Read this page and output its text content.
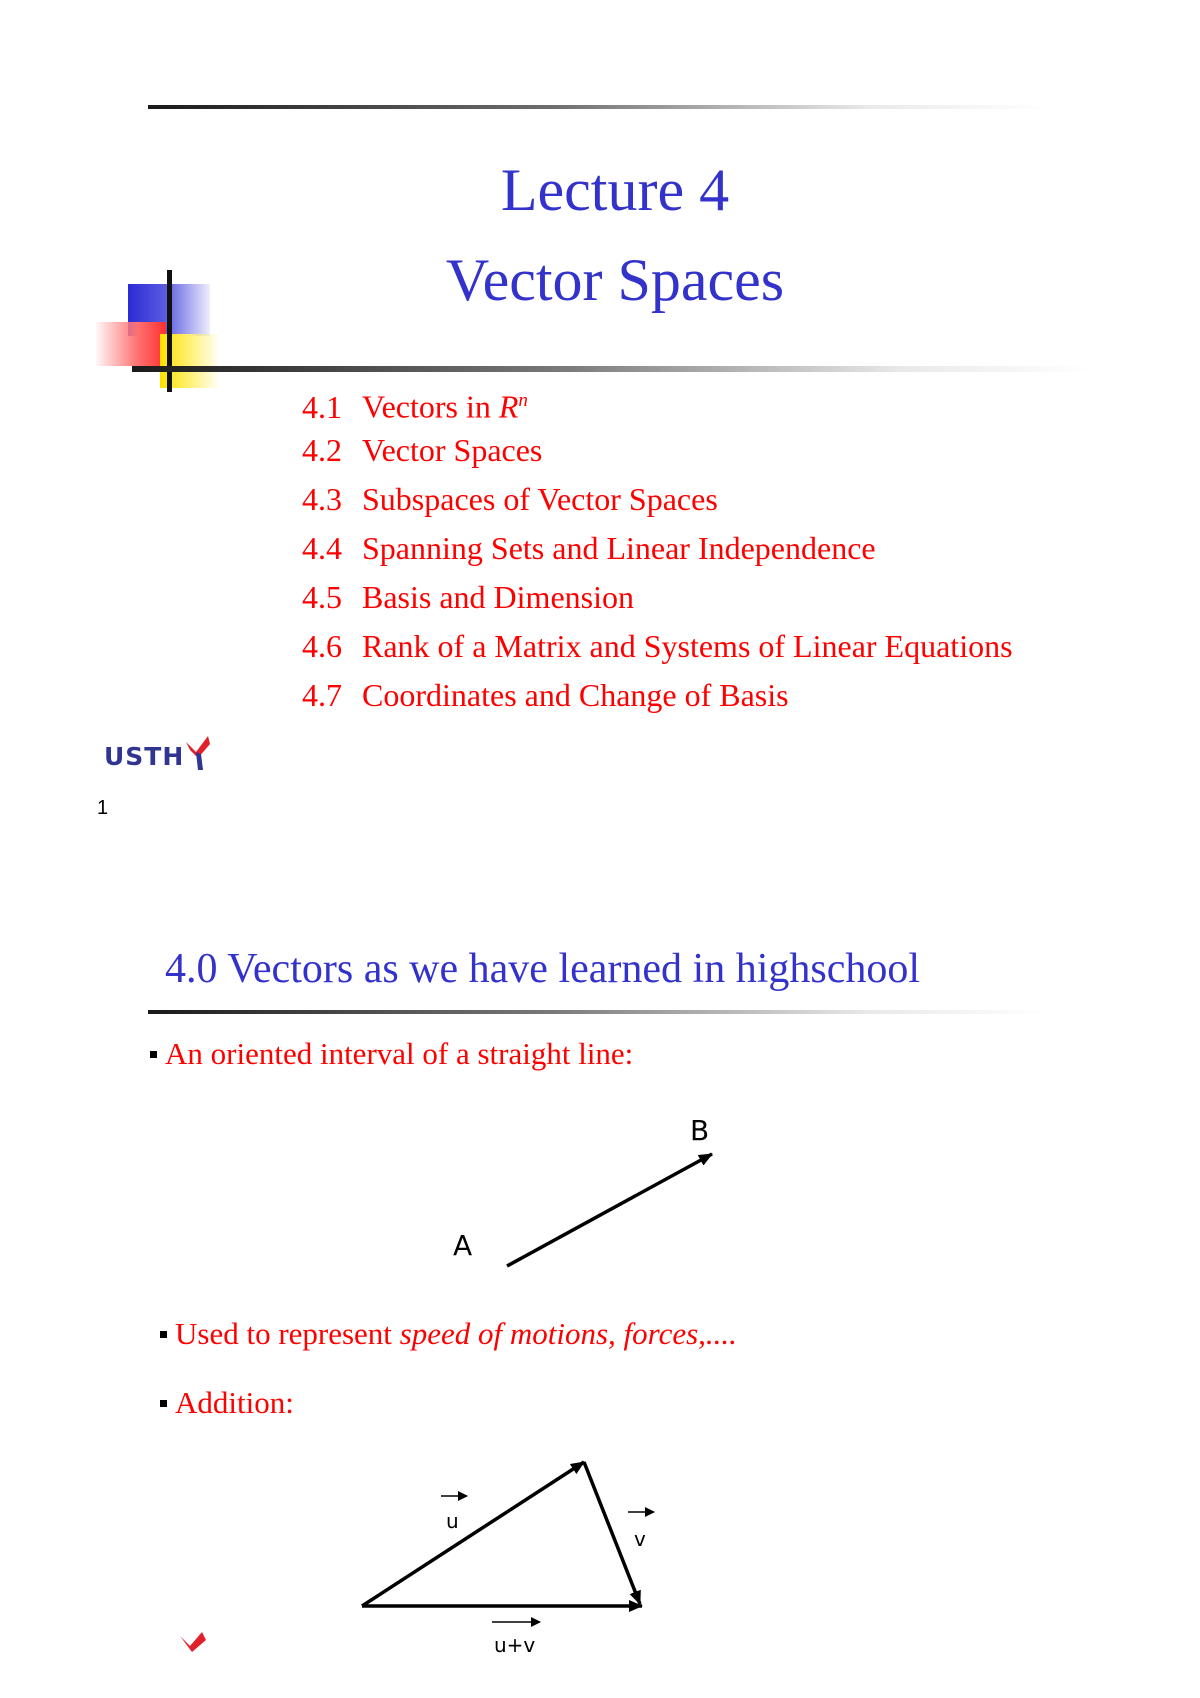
Lecture 4
Vector Spaces
4.1 Vectors in $R^n$
4.2 Vector Spaces
4.3 Subspaces of Vector Spaces
4.4 Spanning Sets and Linear Independence
4.5 Basis and Dimension
4.6 Rank of a Matrix and Systems of Linear Equations
4.7 Coordinates and Change of Basis
USTH
1
4.0 Vectors as we have learned in highschool
An oriented interval of a straight line:
A
B
u
v
u+v
Used to represent speed of motions, forces,....
Addition:
